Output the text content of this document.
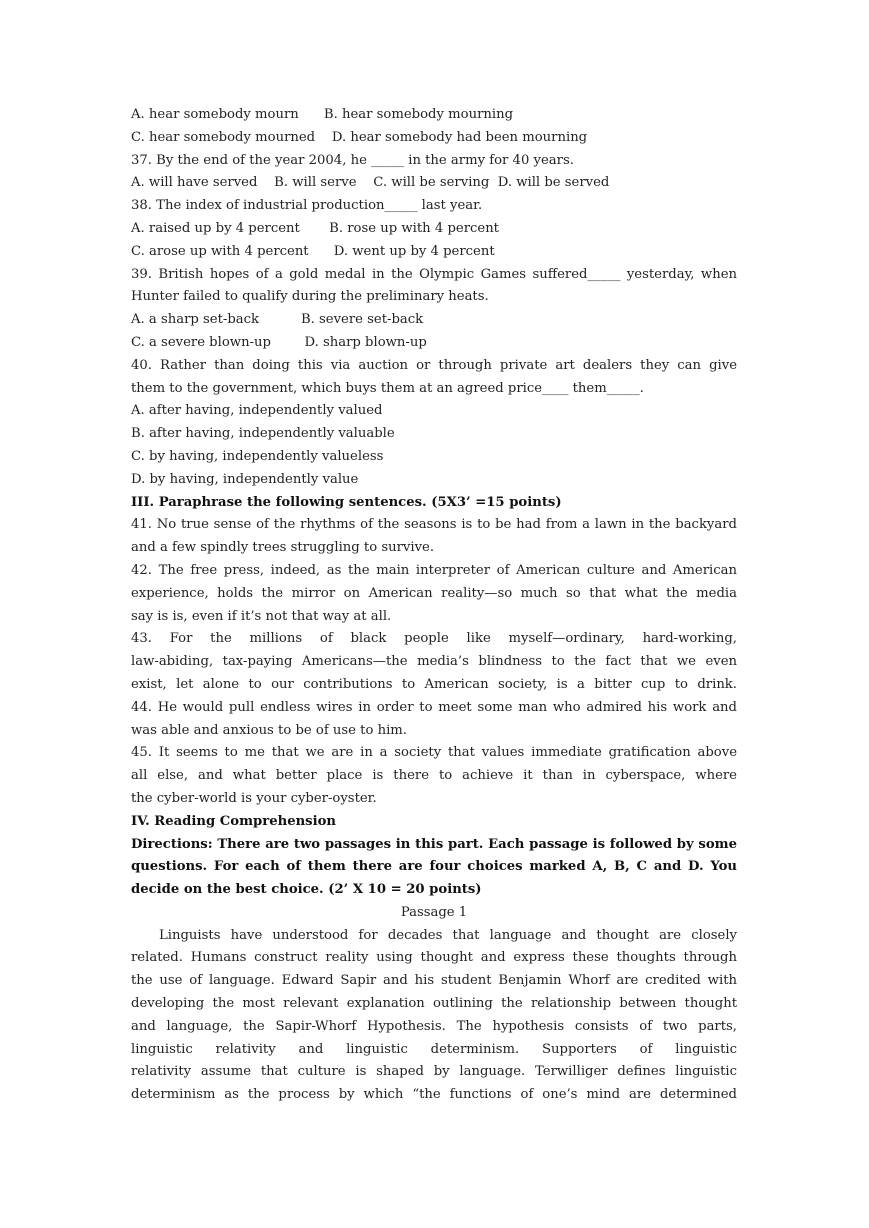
A. hear somebody mourn      B. hear somebody mourning
C. hear somebody mourned    D. hear somebody had been mourning
37. By the end of the year 2004, he _____ in the army for 40 years.
A. will have served    B. will serve    C. will be serving  D. will be served
38. The index of industrial production_____ last year.
A. raised up by 4 percent       B. rose up with 4 percent
C. arose up with 4 percent      D. went up by 4 percent
39. British hopes of a gold medal in the Olympic Games suffered_____ yesterday, when
Hunter failed to qualify during the preliminary heats.
A. a sharp set-back          B. severe set-back
C. a severe blown-up        D. sharp blown-up
40. Rather than doing this via auction or through private art dealers they can give
them to the government, which buys them at an agreed price____ them_____.
A. after having, independently valued
B. after having, independently valuable
C. by having, independently valueless
D. by having, independently value
III. Paraphrase the following sentences. (5X3’ =15 points)
41. No true sense of the rhythms of the seasons is to be had from a lawn in the backyard
and a few spindly trees struggling to survive.
42. The free press, indeed, as the main interpreter of American culture and American
experience, holds the mirror on American reality—so much so that what the media
say is is, even if it’s not that way at all.
43. For the millions of black people like myself—ordinary, hard-working,
law-abiding, tax-paying Americans—the media’s blindness to the fact that we even
exist, let alone to our contributions to American society, is a bitter cup to drink.
44. He would pull endless wires in order to meet some man who admired his work and
was able and anxious to be of use to him.
45. It seems to me that we are in a society that values immediate gratification above
all else, and what better place is there to achieve it than in cyberspace, where
the cyber-world is your cyber-oyster.
IV. Reading Comprehension
Directions: There are two passages in this part. Each passage is followed by some
questions. For each of them there are four choices marked A, B, C and D. You
decide on the best choice. (2’ X 10 = 20 points)
Passage 1
Linguists have understood for decades that language and thought are closely
related. Humans construct reality using thought and express these thoughts through
the use of language. Edward Sapir and his student Benjamin Whorf are credited with
developing the most relevant explanation outlining the relationship between thought
and language, the Sapir-Whorf Hypothesis. The hypothesis consists of two parts,
linguistic relativity and linguistic determinism. Supporters of linguistic
relativity assume that culture is shaped by language. Terwilliger defines linguistic
determinism as the process by which “the functions of one’s mind are determined
